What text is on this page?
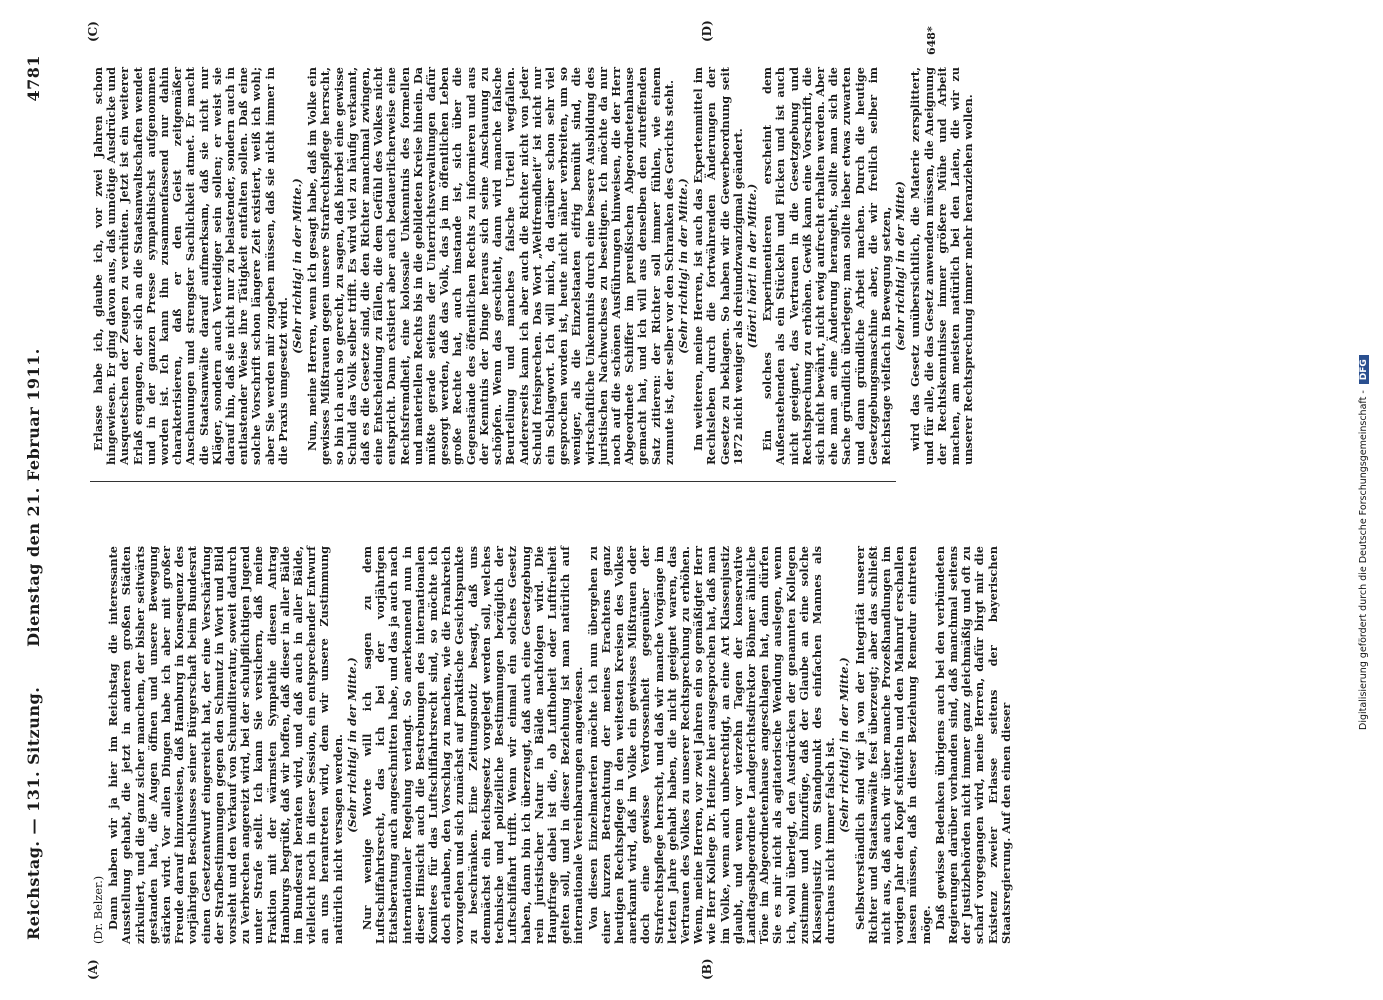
Reichstag. — 131. Sitzung.
Dienstag den 21. Februar 1911.
4781
(A)	(B)
(C)	(D)

(Dr. Belzer.) Dann haben wir ja hier im Reichstag die interessante Ausstellung gehabt, die jetzt in anderen großen Städten zirkuliert, und die ganz sicher manchem, der bisher seitwärts gestanden hat, die Augen öffnen und unsere Bewegung stärken wird. Vor allen Dingen habe ich aber mit großer Freude darauf hinzuweisen, daß Hamburg in Konsequenz des vorjährigen Beschlusses seiner Bürgerschaft beim Bundesrat einen Gesetzentwurf eingereicht hat, der eine Verschärfung der Strafbestimmungen gegen den Schmutz in Wort und Bild vorsieht und den Verkauf von Schundliteratur, soweit dadurch zu Verbrechen angereizt wird, bei der schulpflichtigen Jugend unter Strafe stellt. Ich kann Sie versichern, daß meine Fraktion mit der wärmsten Sympathie diesen Antrag Hamburgs begrüßt, daß wir hoffen, daß dieser in aller Bälde im Bundesrat beraten wird, und daß auch in aller Bälde, vielleicht noch in dieser Session, ein entsprechender Entwurf an uns herantreten wird, dem wir unsere Zustimmung natürlich nicht versagen werden. (Sehr richtig! in der Mitte.) Nur wenige Worte will ich sagen zu dem Luftschiffahrtsrecht, das ich bei der vorjährigen Etatsberatung auch angeschnitten habe, und das ja auch nach internationaler Regelung verlangt. So anerkennend nun in dieser Hinsicht auch die Bestrebungen des internationalen Komitees für das Luftschiffahrtsrecht sind, so möchte ich doch erlauben, den Vorschlag zu machen, wie die Frankreich vorzugehen und sich zunächst auf praktische Gesichtspunkte zu beschränken. Eine Zeitungsnotiz besagt, daß uns demnächst ein Reichsgesetz vorgelegt werden soll, welches technische und polizeiliche Bestimmungen bezüglich der Luftschiffahrt trifft. Wenn wir einmal ein solches Gesetz haben, dann bin ich überzeugt, daß auch eine Gesetzgebung rein juristischer Natur in Bälde nachfolgen wird. Die Hauptfrage dabei ist die, ob Lufthoheit oder Luftfreiheit gelten soll, und in dieser Beziehung ist man natürlich auf internationale Vereinbarungen angewiesen. Von diesen Einzelmaterien möchte ich nun übergehen zu einer kurzen Betrachtung der meines Erachtens ganz heutigen Rechtspflege in den weitesten Kreisen des Volkes anerkannt wird, daß im Volke ein gewisses Mißtrauen oder doch eine gewisse Verdrossenheit gegenüber der Strafrechtspflege herrscht, und daß wir manche Vorgänge im letzten Jahre gehabt haben, die nicht geeignet waren, das Vertrauen des Volkes zu unserer Rechtsprechung zu erhöhen. Wenn, meine Herren, vor zwei Jahren ein so gemäßigter Herr wie Herr Kollege Dr. Heinze hier ausgesprochen hat, daß man im Volke, wenn auch unberechtigt, an eine Art Klassenjustiz glaubt, und wenn vor vierzehn Tagen der konservative Landtagsabgeordnete Landgerichtsdirektor Böhmer ähnliche Töne im Abgeordnetenhause angeschlagen hat, dann dürfen Sie es mir nicht als agitatorische Wendung auslegen, wenn ich, wohl überlegt, den Ausdrücken der genannten Kollegen zustimme und hinzufüge, daß der Glaube an eine solche Klassenjustiz vom Standpunkt des einfachen Mannes als durchaus nicht immer falsch ist. (Sehr richtig! in der Mitte.) Selbstverständlich sind wir ja von der Integrität unserer Richter und Staatsanwälte fest überzeugt; aber das schließt nicht aus, daß auch wir über manche Prozeßhandlungen im vorigen Jahr den Kopf schütteln und den Mahnruf erschallen lassen müssen, daß in dieser Beziehung Remedur eintreten möge. Daß gewisse Bedenken übrigens auch bei den verbündeten Regierungen darüber vorhanden sind, daß manchmal seitens der Justizbehörden nicht immer ganz gleichmäßig und oft zu scharf vorgegangen wird, meine Herren, dafür birgt mir die Existenz zweier Erlasse seitens der bayerischen Staatsregierung. Auf den einen dieser

Erlasse habe ich, glaube ich, vor zwei Jahren schon hingewiesen. Er ging davon aus, daß unnötige Ausdrücke und Ausquetschen der Zeugen zu verhüten. Jetzt ist ein weiterer Erlaß ergangen, der sich an die Staatsanwaltschaften wendet und in der ganzen Presse sympathischst aufgenommen worden ist. Ich kann ihn zusammenfassend nur dahin charakterisieren, daß er den Geist zeitgemäßer Anschauungen und strengster Sachlichkeit atmet. Er macht die Staatsanwälte darauf aufmerksam, daß sie nicht nur Kläger, sondern auch Verteidiger sein sollen; er weist sie darauf hin, daß sie nicht nur zu belastender, sondern auch in entlastender Weise ihre Tätigkeit entfalten sollen. Daß eine solche Vorschrift schon längere Zeit existiert, weiß ich wohl; aber Sie werden mir zugeben müssen, daß sie nicht immer in die Praxis umgesetzt wird.

(Sehr richtig! in der Mitte.) Nun, meine Herren, wenn ich gesagt habe, daß im Volke ein gewisses Mißtrauen gegen unsere Strafrechtspflege herrscht, so bin ich auch so gerecht, zu sagen, daß hierbei eine gewisse Schuld das Volk selber trifft. Es wird viel zu häufig verkannt, daß es die Gesetze sind, die den Richter manchmal zwingen, eine Entscheidung zu fällen, die dem Gefühl des Volkes nicht entspricht. Dann existiert aber auch bedauerlicherweise eine Rechtsfremdheit, eine kolossale Unkenntnis des formellen und materiellen Rechts bis in die gebildeten Kreise hinein. Da müßte gerade seitens der Unterrichtsverwaltungen dafür gesorgt werden, daß das Volk, das ja im öffentlichen Leben große Rechte hat, auch imstande ist, sich über die Gegenstände des öffentlichen Rechts zu informieren und aus der Kenntnis der Dinge heraus sich seine Anschauung zu schöpfen. Wenn das geschieht, dann wird manche falsche Beurteilung und manches falsche Urteil wegfallen. Andererseits kann ich aber auch die Richter nicht von jeder Schuld freisprechen. Das Wort „Weltfremdheit“ ist nicht nur ein Schlagwort. Ich will mich, da darüber schon sehr viel gesprochen worden ist, heute nicht näher verbreiten, um so weniger, als die Einzelstaaten eifrig bemüht sind, die wirtschaftliche Unkenntnis durch eine bessere Ausbildung des juristischen Nachwuchses zu beseitigen. Ich möchte da nur noch auf die schönen Ausführungen hinweisen, die der Herr Abgeordnete Schiffer im preußischen Abgeordnetenhause gemacht hat, und ich will aus denselben den zutreffenden Satz zitieren: der Richter soll immer fühlen, wie einem zumute ist, der selber vor den Schranken des Gerichts steht. (Sehr richtig! in der Mitte.) Im weiteren, meine Herren, ist auch das Expertenmittel im Rechtsleben durch die fortwährenden Änderungen der Gesetze zu beklagen. So haben wir die Gewerbeordnung seit 1872 nicht weniger als dreiundzwanzigmal geändert. (Hört! hört! in der Mitte.) Ein solches Experimentieren erscheint dem Außenstehenden als ein Stückeln und Flicken und ist auch nicht geeignet, das Vertrauen in die Gesetzgebung und Rechtsprechung zu erhöhen. Gewiß kann eine Vorschrift, die sich nicht bewährt, nicht ewig aufrecht erhalten werden. Aber ehe man an eine Änderung herangeht, sollte man sich die Sache gründlich überlegen; man sollte lieber etwas zuwarten und dann gründliche Arbeit machen. Durch die heutige Gesetzgebungsmaschine aber, die wir freilich selber im Reichstage vielfach in Bewegung setzen, (sehr richtig! in der Mitte) wird das Gesetz unübersichtlich, die Materie zersplittert, und für alle, die das Gesetz anwenden müssen, die Aneignung der Rechtskenntnisse immer größere Mühe und Arbeit machen, am meisten natürlich bei den Laien, die wir zu unserer Rechtsprechung immer mehr heranziehen wollen.

648*
Digitalisierung gefördert durch die Deutsche Forschungsgemeinschaft - DFG
